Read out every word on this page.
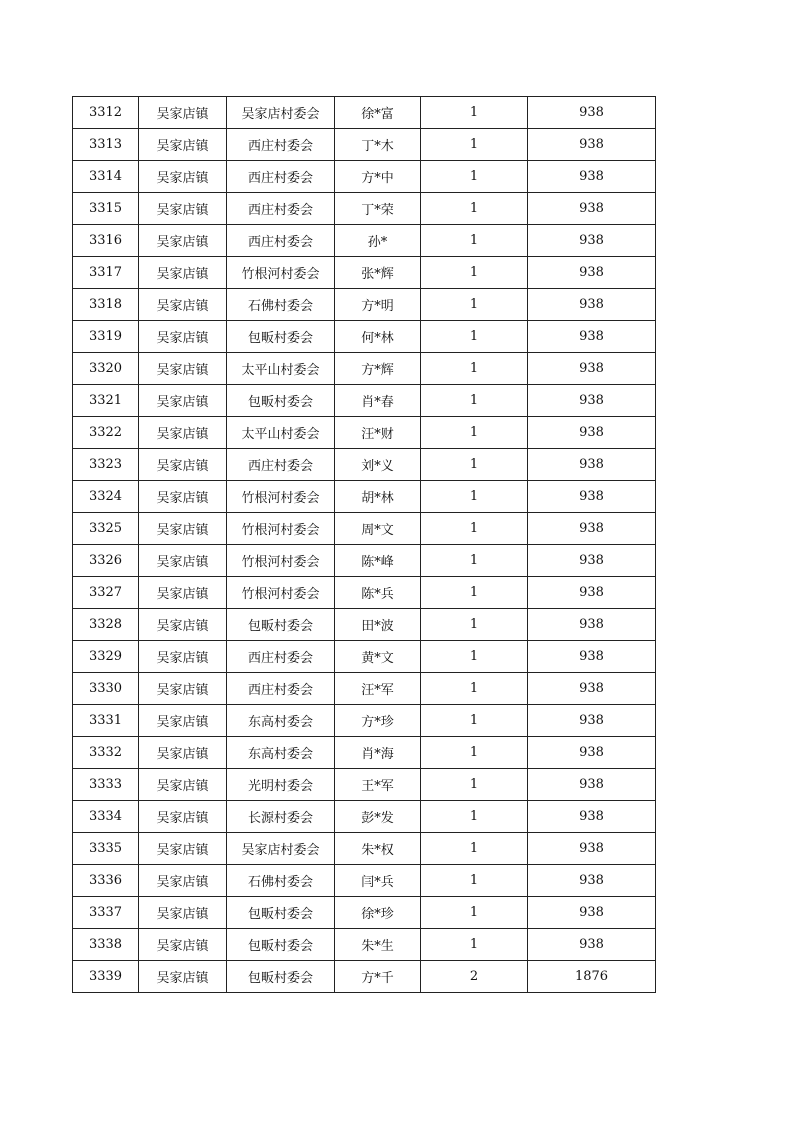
3312	吴家店镇	吴家店村委会	徐*富	1	938
3313	吴家店镇	西庄村委会	丁*木	1	938
3314	吴家店镇	西庄村委会	方*中	1	938
3315	吴家店镇	西庄村委会	丁*荣	1	938
3316	吴家店镇	西庄村委会	孙*	1	938
3317	吴家店镇	竹根河村委会	张*辉	1	938
3318	吴家店镇	石佛村委会	方*明	1	938
3319	吴家店镇	包畈村委会	何*林	1	938
3320	吴家店镇	太平山村委会	方*辉	1	938
3321	吴家店镇	包畈村委会	肖*春	1	938
3322	吴家店镇	太平山村委会	汪*财	1	938
3323	吴家店镇	西庄村委会	刘*义	1	938
3324	吴家店镇	竹根河村委会	胡*林	1	938
3325	吴家店镇	竹根河村委会	周*文	1	938
3326	吴家店镇	竹根河村委会	陈*峰	1	938
3327	吴家店镇	竹根河村委会	陈*兵	1	938
3328	吴家店镇	包畈村委会	田*波	1	938
3329	吴家店镇	西庄村委会	黄*文	1	938
3330	吴家店镇	西庄村委会	汪*军	1	938
3331	吴家店镇	东高村委会	方*珍	1	938
3332	吴家店镇	东高村委会	肖*海	1	938
3333	吴家店镇	光明村委会	王*军	1	938
3334	吴家店镇	长源村委会	彭*发	1	938
3335	吴家店镇	吴家店村委会	朱*权	1	938
3336	吴家店镇	石佛村委会	闫*兵	1	938
3337	吴家店镇	包畈村委会	徐*珍	1	938
3338	吴家店镇	包畈村委会	朱*生	1	938
3339	吴家店镇	包畈村委会	方*千	2	1876
